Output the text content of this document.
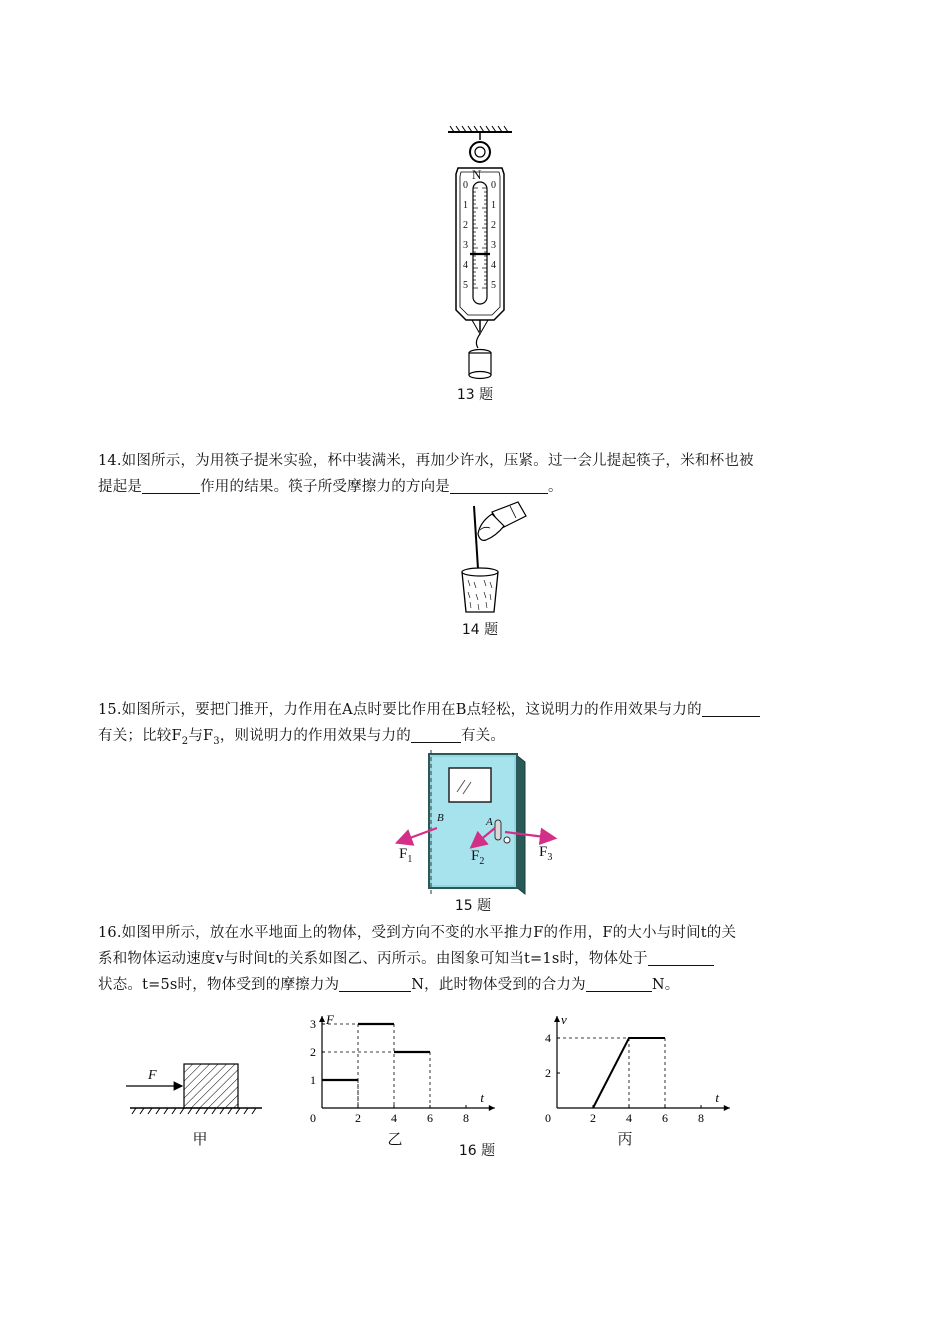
N
0
1
2
3
4
5
0
1
2
3
4
5
13 题
14.如图所示，为用筷子提米实验，杯中装满米，再加少许水，压紧。过一会儿提起筷子，米和杯也被
提起是	作用的结果。筷子所受摩擦力的方向是	。
14 题
15.如图所示，要把门推开，力作用在A点时要比作用在B点轻松，这说明力的作用效果与力的
有关；比较$F_2$与$F_3$，则说明力的作用效果与力的	有关。
B	A
$F_1$	$F_2$
$F_3$
15 题
16.如图甲所示，放在水平地面上的物体，受到方向不变的水平推力F的作用，F的大小与时间t的关
系和物体运动速度v与时间t的关系如图乙、丙所示。由图象可知当t=1s时，物体处于
状态。t=5s时，物体受到的摩擦力为	N，此时物体受到的合力为	N。
F
甲
t
F
0	2	4	6	8
1
2
3
乙
t
v
0	2	4	6	8
2
4
丙
16 题
